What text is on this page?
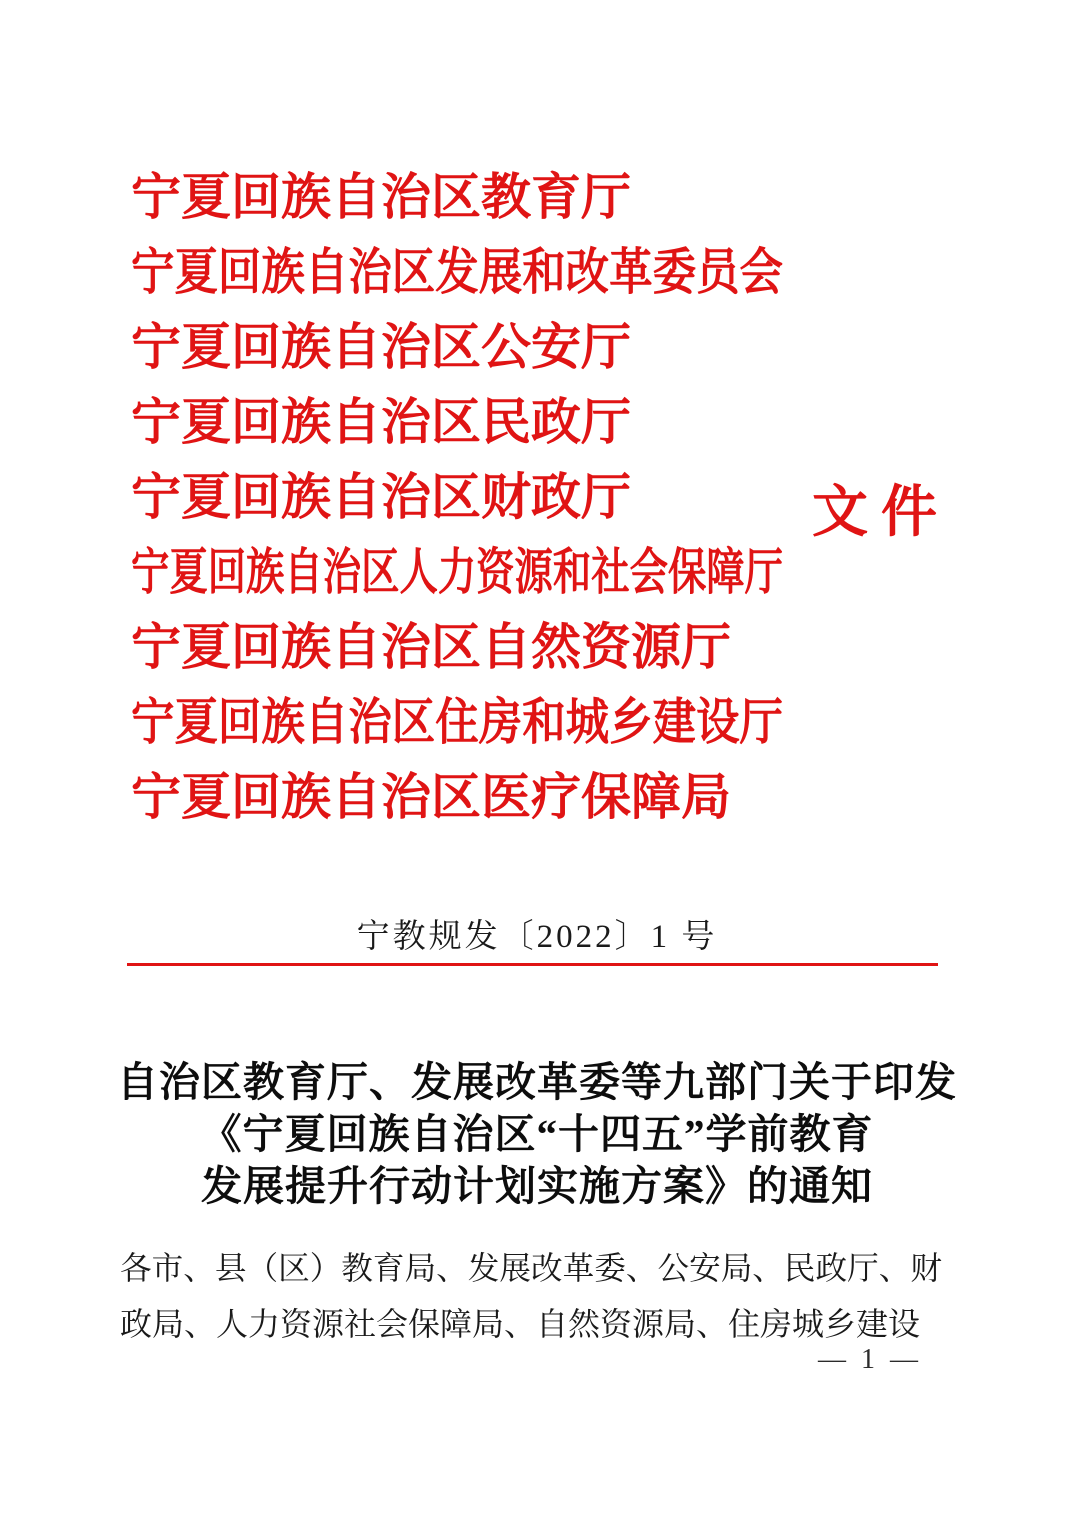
宁夏回族自治区教育厅
宁夏回族自治区发展和改革委员会
宁夏回族自治区公安厅
宁夏回族自治区民政厅
宁夏回族自治区财政厅
宁夏回族自治区人力资源和社会保障厅
宁夏回族自治区自然资源厅
宁夏回族自治区住房和城乡建设厅
宁夏回族自治区医疗保障局
文件
宁教规发〔2022〕1 号
自治区教育厅、发展改革委等九部门关于印发
《宁夏回族自治区“十四五”学前教育
发展提升行动计划实施方案》的通知
各市、县（区）教育局、发展改革委、公安局、民政厅、财
政局、人力资源社会保障局、自然资源局、住房城乡建设
— 1 —
